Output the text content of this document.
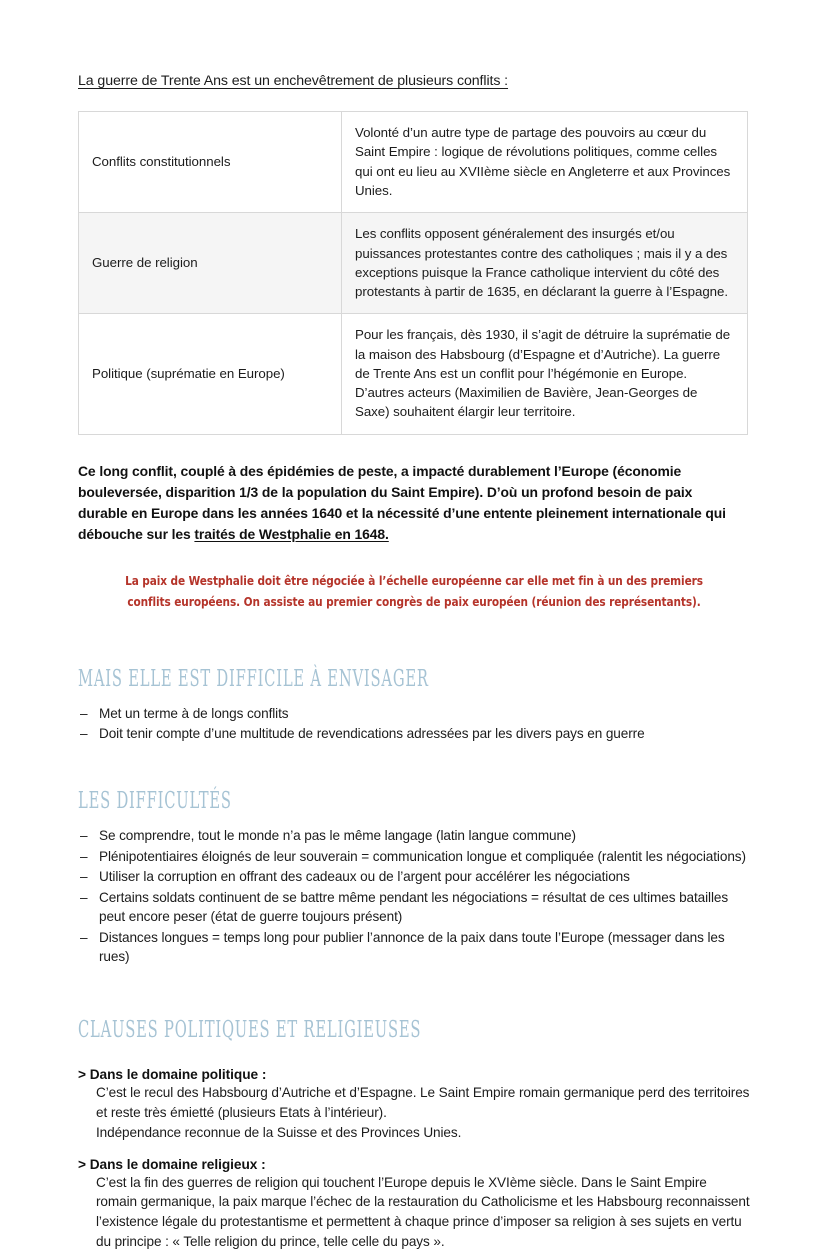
La guerre de Trente Ans est un enchevêtrement de plusieurs conflits :

Conflits constitutionnels	Volonté d’un autre type de partage des pouvoirs au cœur du Saint Empire : logique de révolutions politiques, comme celles qui ont eu lieu au XVIIème siècle en Angleterre et aux Provinces Unies.
Guerre de religion	Les conflits opposent généralement des insurgés et/ou puissances protestantes contre des catholiques ; mais il y a des exceptions puisque la France catholique intervient du côté des protestants à partir de 1635, en déclarant la guerre à l’Espagne.
Politique (suprématie en Europe)	Pour les français, dès 1930, il s’agit de détruire la suprématie de la maison des Habsbourg (d’Espagne et d’Autriche). La guerre de Trente Ans est un conflit pour l’hégémonie en Europe. D’autres acteurs (Maximilien de Bavière, Jean-Georges de Saxe) souhaitent élargir leur territoire.

Ce long conflit, couplé à des épidémies de peste, a impacté durablement l’Europe (économie bouleversée, disparition 1/3 de la population du Saint Empire). D’où un profond besoin de paix durable en Europe dans les années 1640 et la nécessité d’une entente pleinement internationale qui débouche sur les traités de Westphalie en 1648.

La paix de Westphalie doit être négociée à l’échelle européenne car elle met fin à un des premiers conflits européens. On assiste au premier congrès de paix européen (réunion des représentants).

MAIS ELLE EST DIFFICILE À ENVISAGER
– Met un terme à de longs conflits
– Doit tenir compte d’une multitude de revendications adressées par les divers pays en guerre
LES DIFFICULTÉS
– Se comprendre, tout le monde n’a pas le même langage (latin langue commune)
– Plénipotentiaires éloignés de leur souverain = communication longue et compliquée (ralentit les négociations)
– Utiliser la corruption en offrant des cadeaux ou de l’argent pour accélérer les négociations
– Certains soldats continuent de se battre même pendant les négociations = résultat de ces ultimes batailles peut encore peser (état de guerre toujours présent)
– Distances longues = temps long pour publier l’annonce de la paix dans toute l’Europe (messager dans les rues)
CLAUSES POLITIQUES ET RELIGIEUSES

> Dans le domaine politique :

C’est le recul des Habsbourg d’Autriche et d’Espagne. Le Saint Empire romain germanique perd des territoires et reste très émietté (plusieurs Etats à l’intérieur).

Indépendance reconnue de la Suisse et des Provinces Unies.

> Dans le domaine religieux :

C’est la fin des guerres de religion qui touchent l’Europe depuis le XVIème siècle. Dans le Saint Empire romain germanique, la paix marque l’échec de la restauration du Catholicisme et les Habsbourg reconnaissent l’existence légale du protestantisme et permettent à chaque prince d’imposer sa religion à ses sujets en vertu du principe : « Telle religion du prince, telle celle du pays ».
